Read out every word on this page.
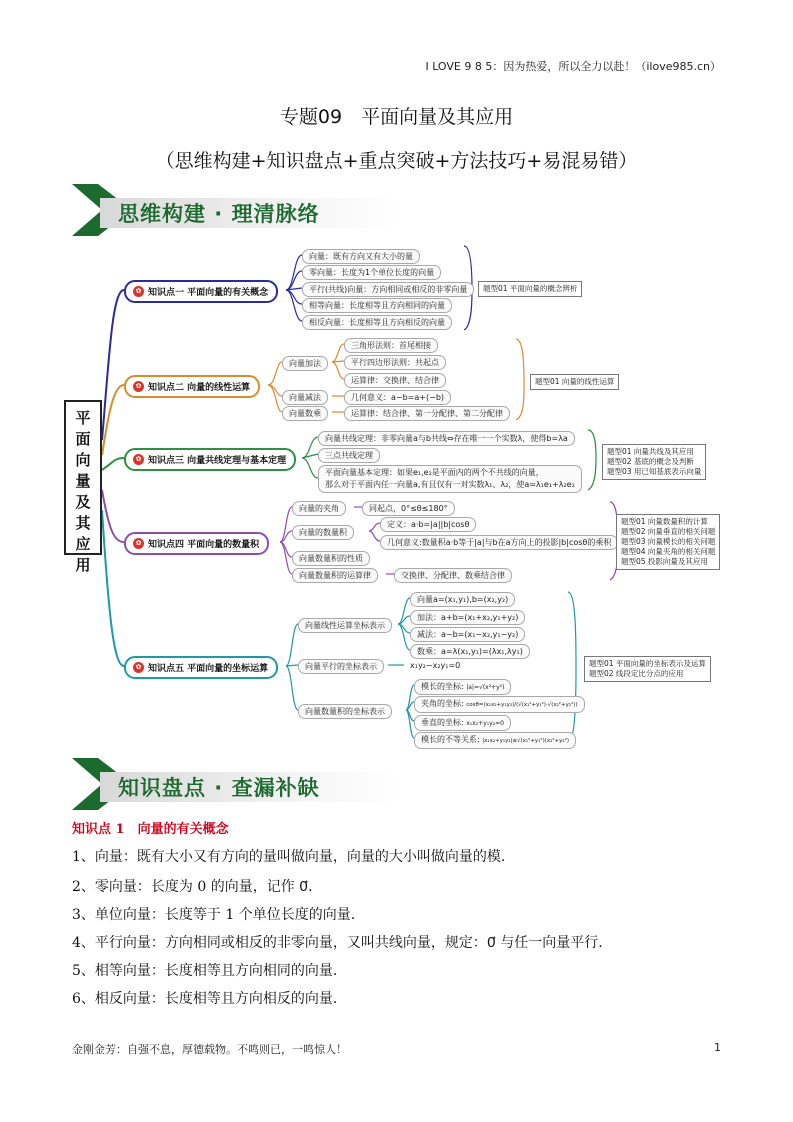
I LOVE 9 8 5：因为热爱，所以全力以赴！（ilove985.cn）
专题09　平面向量及其应用
（思维构建+知识盘点+重点突破+方法技巧+易混易错）
思维构建 · 理清脉络
平
面
向
量
及
其
应
用
✿ 知识点一 平面向量的有关概念
向量：既有方向又有大小的量
零向量：长度为1个单位长度的向量
平行(共线)向量：方向相同或相反的非零向量
相等向量：长度相等且方向相同的向量
相反向量：长度相等且方向相反的向量
题型01 平面向量的概念辨析
✿ 知识点二 向量的线性运算
向量加法
向量减法
向量数乘
三角形法则：首尾相接
平行四边形法则：共起点
运算律：交换律、结合律
几何意义：a−b=a+(−b)
运算律：结合律、第一分配律、第二分配律
题型01 向量的线性运算
✿ 知识点三 向量共线定理与基本定理
向量共线定理：非零向量a与b共线⇔存在唯一一个实数λ，使得b=λa
三点共线定理
平面向量基本定理：如果e₁,e₂是平面内的两个不共线的向量，
那么对于平面内任一向量a,有且仅有一对实数λ₁、λ₂，使a=λ₁e₁+λ₂e₂
题型01 向量共线及其应用
题型02 基底的概念及判断
题型03 用已知基底表示向量
✿ 知识点四 平面向量的数量积
向量的夹角
向量的数量积
向量数量积的性质
向量数量积的运算律
同起点，0°≤θ≤180°
定义：a·b=|a||b|cosθ
几何意义:数量积a·b等于|a|与b在a方向上的投影|b|cosθ的乘积
交换律、分配律、数乘结合律
题型01 向量数量积的计算
题型02 向量垂直的相关问题
题型03 向量模长的相关问题
题型04 向量夹角的相关问题
题型05 投影向量及其应用
✿ 知识点五 平面向量的坐标运算
向量线性运算坐标表示
向量平行的坐标表示
向量数量积的坐标表示
向量a=(x₁,y₁),b=(x₂,y₂)
加法：a+b=(x₁+x₂,y₁+y₂)
减法：a−b=(x₁−x₂,y₁−y₂)
数乘：a=λ(x₁,y₁)=(λx₁,λy₁)
x₁y₂−x₂y₁=0
模长的坐标: |a|=√(x²+y²)
夹角的坐标: cosθ=(x₁x₂+y₁y₂)/(√(x₁²+y₁²)·√(x₂²+y₂²))
垂直的坐标: x₁x₂+y₁y₂=0
模长的不等关系: |x₁x₂+y₁y₂|≤√(x₁²+y₁²)(x₂²+y₂²)
题型01 平面向量的坐标表示及运算
题型02 线段定比分点的应用
知识盘点 · 查漏补缺
知识点 1　向量的有关概念
1、向量：既有大小又有方向的量叫做向量，向量的大小叫做向量的模.
2、零向量：长度为 0 的向量，记作 0⃗.
3、单位向量：长度等于 1 个单位长度的向量.
4、平行向量：方向相同或相反的非零向量，又叫共线向量，规定：0⃗ 与任一向量平行.
5、相等向量：长度相等且方向相同的向量.
6、相反向量：长度相等且方向相反的向量.
金刚金芳：自强不息，厚德载物。不鸣则已，一鸣惊人！	1
